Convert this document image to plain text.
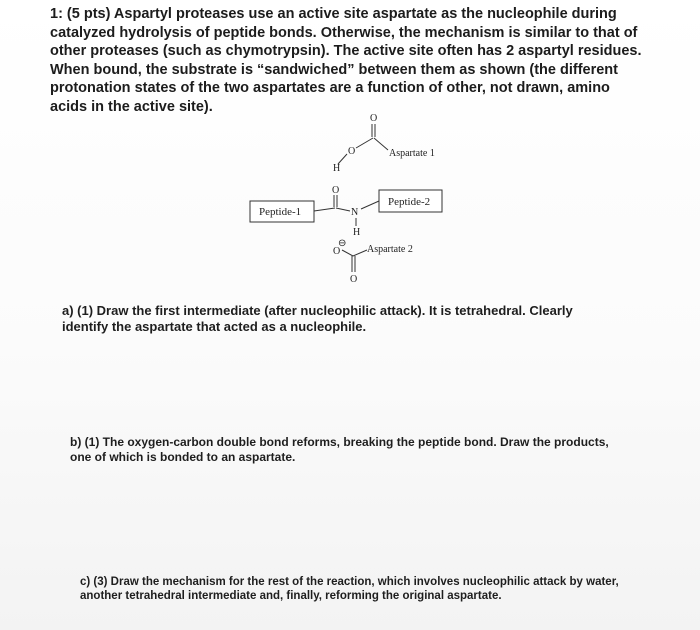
1: (5 pts) Aspartyl proteases use an active site aspartate as the nucleophile during catalyzed hydrolysis of peptide bonds. Otherwise, the mechanism is similar to that of other proteases (such as chymotrypsin). The active site often has 2 aspartyl residues. When bound, the substrate is “sandwiched” between them as shown (the different protonation states of the two aspartates are a function of other, not drawn, amino acids in the active site).
O
O
H
O
N
H
O
⊖
O
Aspartate 1
Aspartate 2
Peptide-1
Peptide-2
a) (1) Draw the first intermediate (after nucleophilic attack). It is tetrahedral. Clearly identify the aspartate that acted as a nucleophile.
b) (1) The oxygen-carbon double bond reforms, breaking the peptide bond. Draw the products, one of which is bonded to an aspartate.
c) (3) Draw the mechanism for the rest of the reaction, which involves nucleophilic attack by water, another tetrahedral intermediate and, finally, reforming the original aspartate.
